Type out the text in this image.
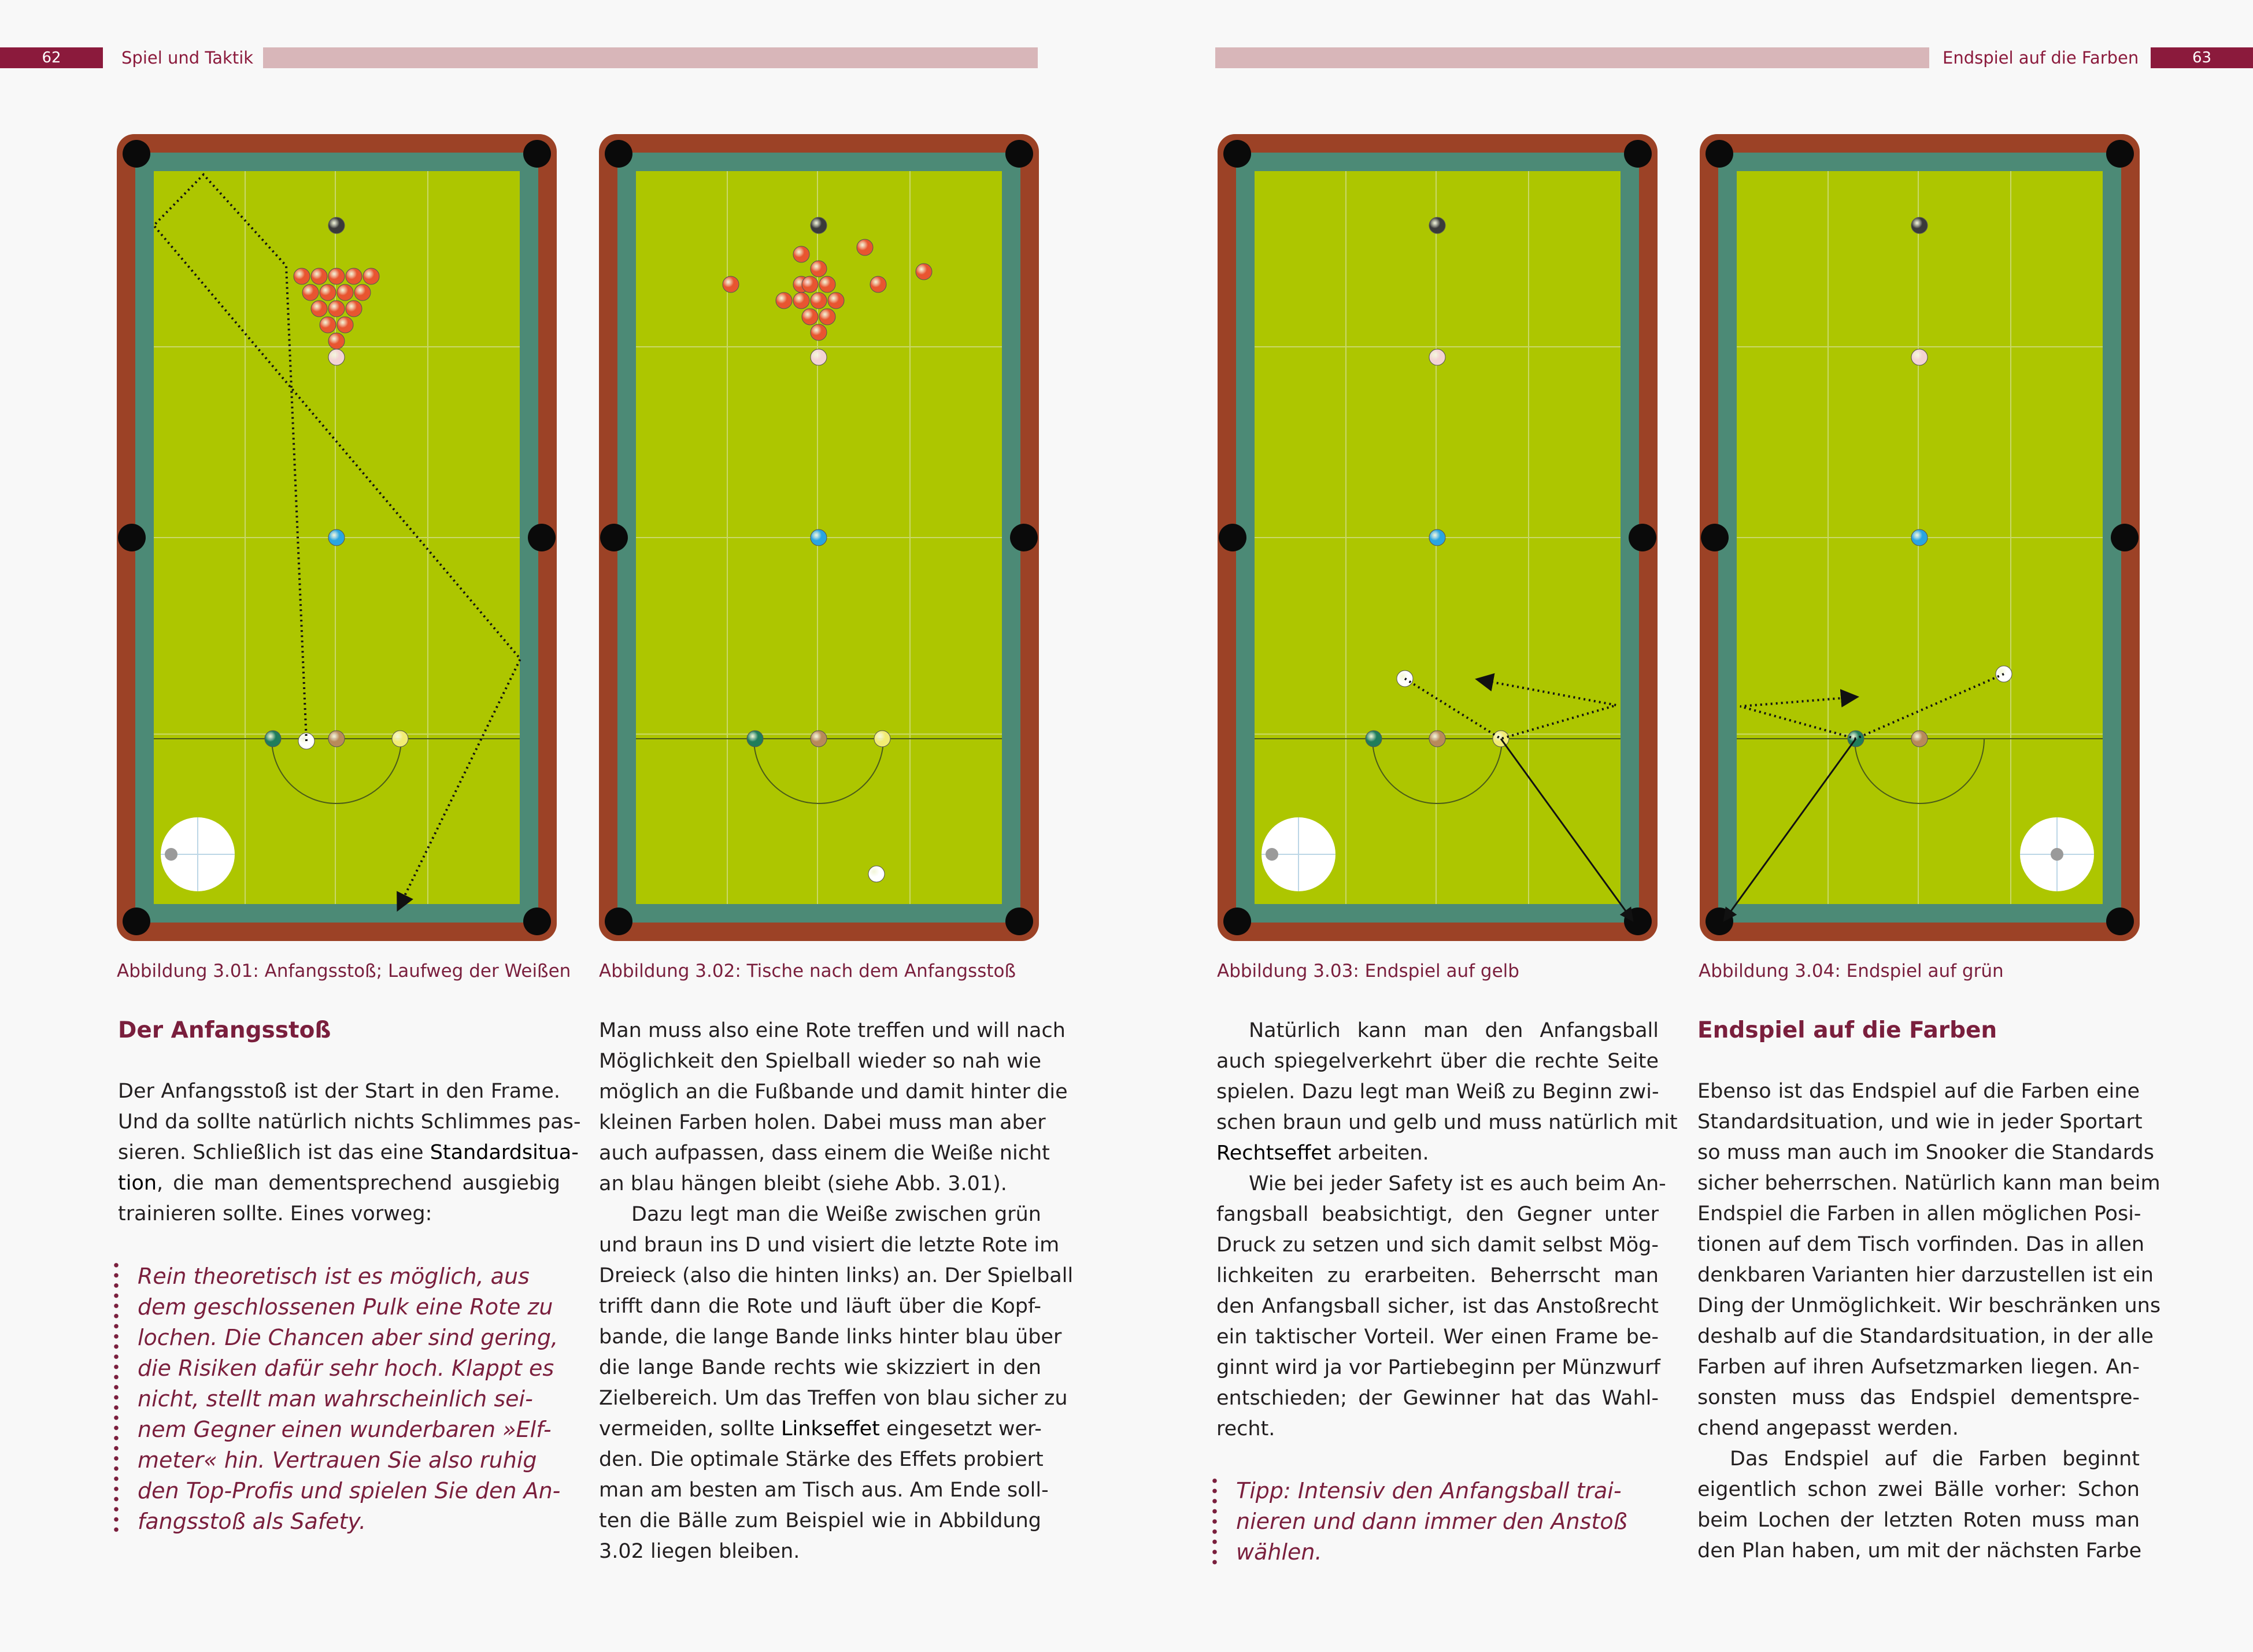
62	Spiel und Taktik	Endspiel auf die Farben	63
Abbildung 3.01: Anfangsstoß; Laufweg der Weißen Abbildung 3.02: Tische nach dem Anfangsstoß	Abbildung 3.03: Endspiel auf gelb	Abbildung 3.04: Endspiel auf grün
Der Anfangsstoß
Der Anfangsstoß ist der Start in den Frame.
Und da sollte natürlich nichts Schlimmes pas-
sieren. Schließlich ist das eine Standardsitua-
tion, die man dementsprechend ausgiebig
trainieren sollte. Eines vorweg:
Rein theoretisch ist es möglich, aus
dem geschlossenen Pulk eine Rote zu
lochen. Die Chancen aber sind gering,
die Risiken dafür sehr hoch. Klappt es
nicht, stellt man wahrscheinlich sei-
nem Gegner einen wunderbaren »Elf-
meter« hin. Vertrauen Sie also ruhig
den Top-Profis und spielen Sie den An-
fangsstoß als Safety.
Man muss also eine Rote treffen und will nach
Möglichkeit den Spielball wieder so nah wie
möglich an die Fußbande und damit hinter die
kleinen Farben holen. Dabei muss man aber
auch aufpassen, dass einem die Weiße nicht
an blau hängen bleibt (siehe Abb. 3.01).
Dazu legt man die Weiße zwischen grün
und braun ins D und visiert die letzte Rote im
Dreieck (also die hinten links) an. Der Spielball
trifft dann die Rote und läuft über die Kopf-
bande, die lange Bande links hinter blau über
die lange Bande rechts wie skizziert in den
Zielbereich. Um das Treffen von blau sicher zu
vermeiden, sollte Linkseffet eingesetzt wer-
den. Die optimale Stärke des Effets probiert
man am besten am Tisch aus. Am Ende soll-
ten die Bälle zum Beispiel wie in Abbildung
3.02 liegen bleiben.
Natürlich kann man den Anfangsball
auch spiegelverkehrt über die rechte Seite
spielen. Dazu legt man Weiß zu Beginn zwi-
schen braun und gelb und muss natürlich mit
Rechtseffet arbeiten.
Wie bei jeder Safety ist es auch beim An-
fangsball beabsichtigt, den Gegner unter
Druck zu setzen und sich damit selbst Mög-
lichkeiten zu erarbeiten. Beherrscht man
den Anfangsball sicher, ist das Anstoßrecht
ein taktischer Vorteil. Wer einen Frame be-
ginnt wird ja vor Partiebeginn per Münzwurf
entschieden; der Gewinner hat das Wahl-
recht.
Tipp: Intensiv den Anfangsball trai-
nieren und dann immer den Anstoß
wählen.
Endspiel auf die Farben
Ebenso ist das Endspiel auf die Farben eine
Standardsituation, und wie in jeder Sportart
so muss man auch im Snooker die Standards
sicher beherrschen. Natürlich kann man beim
Endspiel die Farben in allen möglichen Posi-
tionen auf dem Tisch vorfinden. Das in allen
denkbaren Varianten hier darzustellen ist ein
Ding der Unmöglichkeit. Wir beschränken uns
deshalb auf die Standardsituation, in der alle
Farben auf ihren Aufsetzmarken liegen. An-
sonsten muss das Endspiel dementspre-
chend angepasst werden.
Das Endspiel auf die Farben beginnt
eigentlich schon zwei Bälle vorher: Schon
beim Lochen der letzten Roten muss man
den Plan haben, um mit der nächsten Farbe
